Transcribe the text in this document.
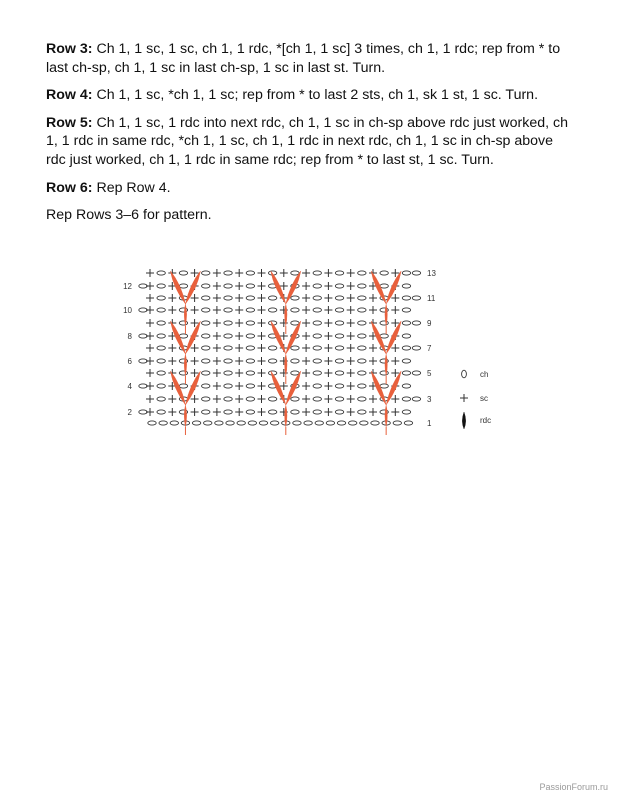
Row 3: Ch 1, 1 sc, 1 sc, ch 1, 1 rdc, *[ch 1, 1 sc] 3 times, ch 1, 1 rdc; rep from * to last ch-sp, ch 1, 1 sc in last ch-sp, 1 sc in last st. Turn.

Row 4: Ch 1, 1 sc, *ch 1, 1 sc; rep from * to last 2 sts, ch 1, sk 1 st, 1 sc. Turn.

Row 5: Ch 1, 1 sc, 1 rdc into next rdc, ch 1, 1 sc in ch-sp above rdc just worked, ch 1, 1 rdc in same rdc, *ch 1, 1 sc, ch 1, 1 rdc in next rdc, ch 1, 1 sc in ch-sp above rdc just worked, ch 1, 1 rdc in same rdc; rep from * to last st, 1 sc. Turn.

Row 6: Rep Row 4.

Rep Rows 3–6 for pattern.

12
10
8
6
4
2
13
11
9
7
5
3
1
ch
sc
rdc
PassionForum.ru
